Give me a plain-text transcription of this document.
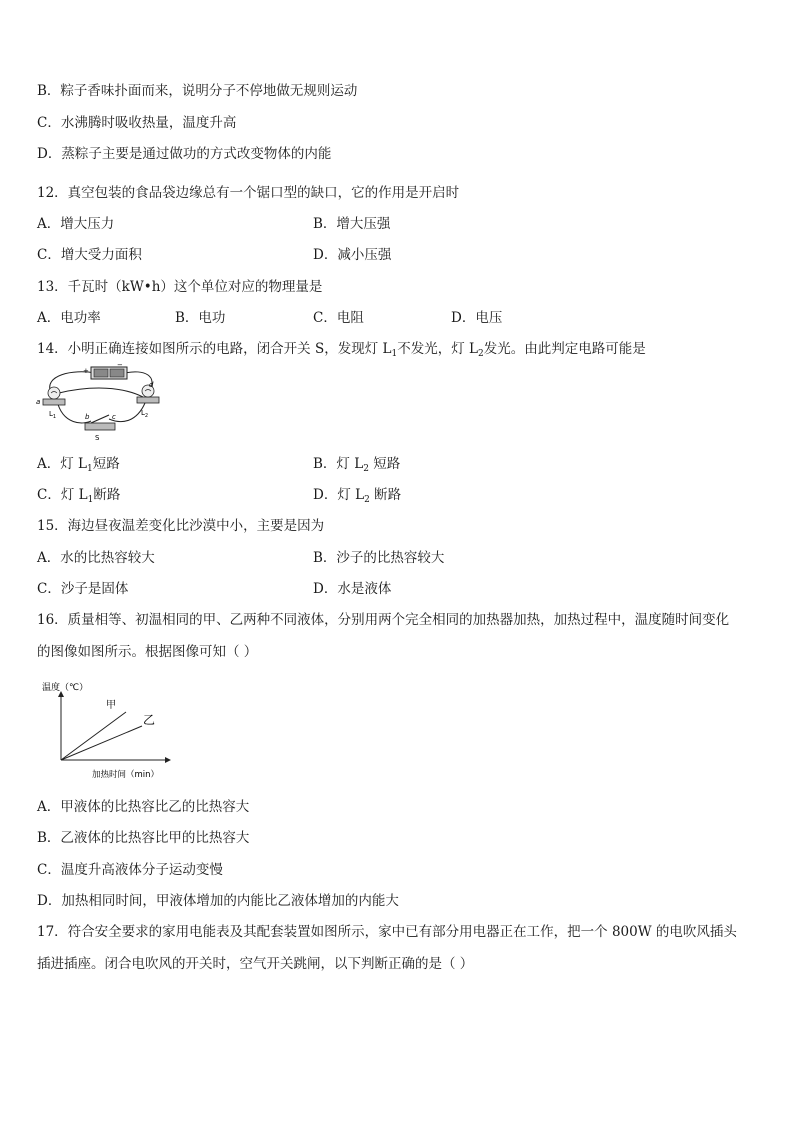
B．粽子香味扑面而来，说明分子不停地做无规则运动
C．水沸腾时吸收热量，温度升高
D．蒸粽子主要是通过做功的方式改变物体的内能
12．真空包装的食品袋边缘总有一个锯口型的缺口，它的作用是开启时
A．增大压力	B．增大压强
C．增大受力面积	D．减小压强
13．千瓦时（kW•h）这个单位对应的物理量是
A．电功率	B．电功	C．电阻	D．电压
14．小明正确连接如图所示的电路，闭合开关 S，发现灯 $L_1$不发光，灯 $L_2$发光。由此判定电路可能是
+
−
a
$L_1$
d
$L_2$
b	c
S
A．灯 $L_1$短路	B．灯 $L_2$ 短路
C．灯 $L_1$断路	D．灯 $L_2$ 断路
15．海边昼夜温差变化比沙漠中小，主要是因为
A．水的比热容较大	B．沙子的比热容较大
C．沙子是固体	D．水是液体
16．质量相等、初温相同的甲、乙两种不同液体，分别用两个完全相同的加热器加热，加热过程中，温度随时间变化
的图像如图所示。根据图像可知（ ）
温度（℃）
甲
乙
加热时间（min）
A．甲液体的比热容比乙的比热容大
B．乙液体的比热容比甲的比热容大
C．温度升高液体分子运动变慢
D．加热相同时间，甲液体增加的内能比乙液体增加的内能大
17．符合安全要求的家用电能表及其配套装置如图所示，家中已有部分用电器正在工作，把一个 800W 的电吹风插头
插进插座。闭合电吹风的开关时，空气开关跳闸，以下判断正确的是（ ）
